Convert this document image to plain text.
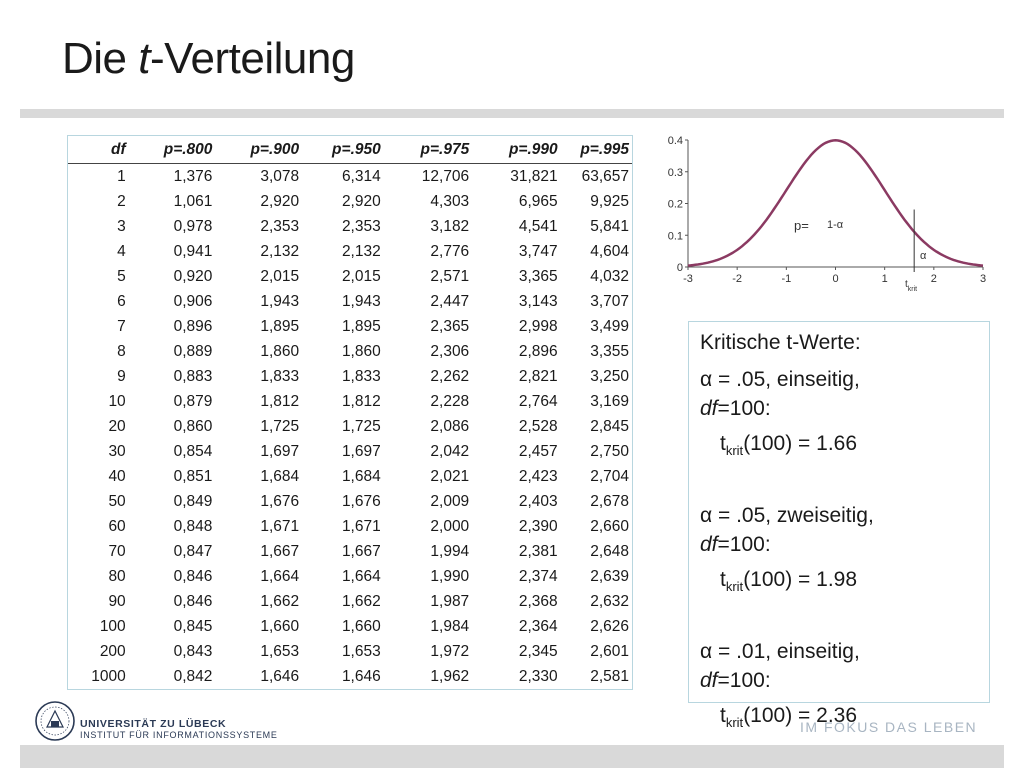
Die t-Verteilung
df	p=.800	p=.900	p=.950	p=.975	p=.990	p=.995
1	1,376	3,078	6,314	12,706	31,821	63,657
2	1,061	2,920	2,920	4,303	6,965	9,925
3	0,978	2,353	2,353	3,182	4,541	5,841
4	0,941	2,132	2,132	2,776	3,747	4,604
5	0,920	2,015	2,015	2,571	3,365	4,032
6	0,906	1,943	1,943	2,447	3,143	3,707
7	0,896	1,895	1,895	2,365	2,998	3,499
8	0,889	1,860	1,860	2,306	2,896	3,355
9	0,883	1,833	1,833	2,262	2,821	3,250
10	0,879	1,812	1,812	2,228	2,764	3,169
20	0,860	1,725	1,725	2,086	2,528	2,845
30	0,854	1,697	1,697	2,042	2,457	2,750
40	0,851	1,684	1,684	2,021	2,423	2,704
50	0,849	1,676	1,676	2,009	2,403	2,678
60	0,848	1,671	1,671	2,000	2,390	2,660
70	0,847	1,667	1,667	1,994	2,381	2,648
80	0,846	1,664	1,664	1,990	2,374	2,639
90	0,846	1,662	1,662	1,987	2,368	2,632
100	0,845	1,660	1,660	1,984	2,364	2,626
200	0,843	1,653	1,653	1,972	2,345	2,601
1000	0,842	1,646	1,646	1,962	2,330	2,581
0
0.1
0.2
0.3
0.4
-3	-2	-1	0	1	2	3
p= 1-α
α
$t_{krit}$

Kritische t-Werte:

α = .05, einseitig,
df=100:

$t_{krit}(100) = 1.66$

α = .05, zweiseitig,
df=100:

$t_{krit}(100) = 1.98$

α = .01, einseitig,
df=100:

$t_{krit}(100) = 2.36$

UNIVERSITÄT ZU LÜBECK
INSTITUT FÜR INFORMATIONSSYSTEME	IM FOKUS DAS LEBEN
